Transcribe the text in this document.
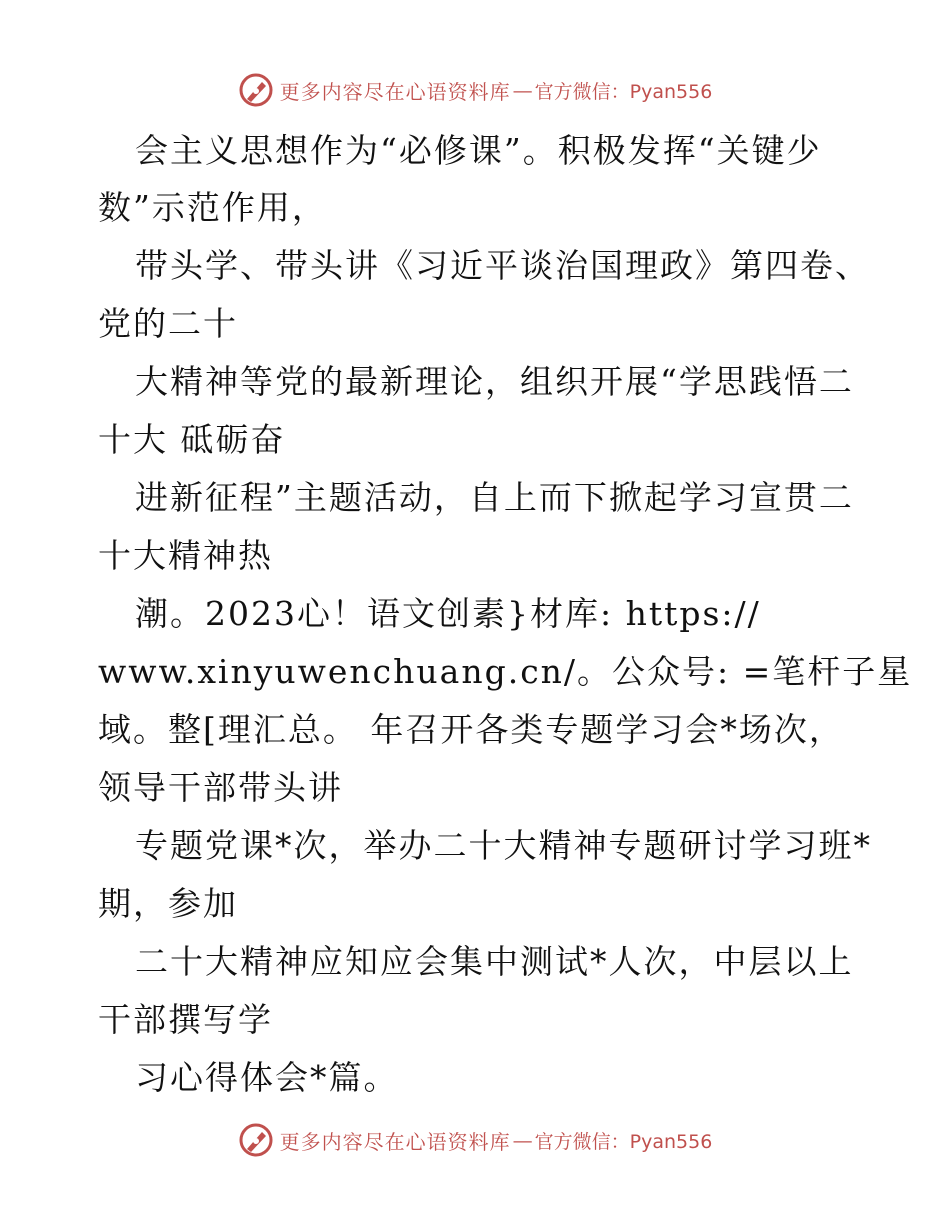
更多内容尽在心语资料库 — 官方微信：Pyan556
会主义思想作为“必修课”。积极发挥“关键少
数”示范作用，
带头学、带头讲《习近平谈治国理政》第四卷、
党的二十
大精神等党的最新理论，组织开展“学思践悟二
十大 砥砺奋
进新征程”主题活动，自上而下掀起学习宣贯二
十大精神热
潮。2023心！语文创素}材库: https://
www.xinyuwenchuang.cn/。公众号: =笔杆子星
域。整[理汇总。 年召开各类专题学习会*场次，
领导干部带头讲
专题党课*次，举办二十大精神专题研讨学习班*
期，参加
二十大精神应知应会集中测试*人次，中层以上
干部撰写学
习心得体会*篇。
更多内容尽在心语资料库 — 官方微信：Pyan556
